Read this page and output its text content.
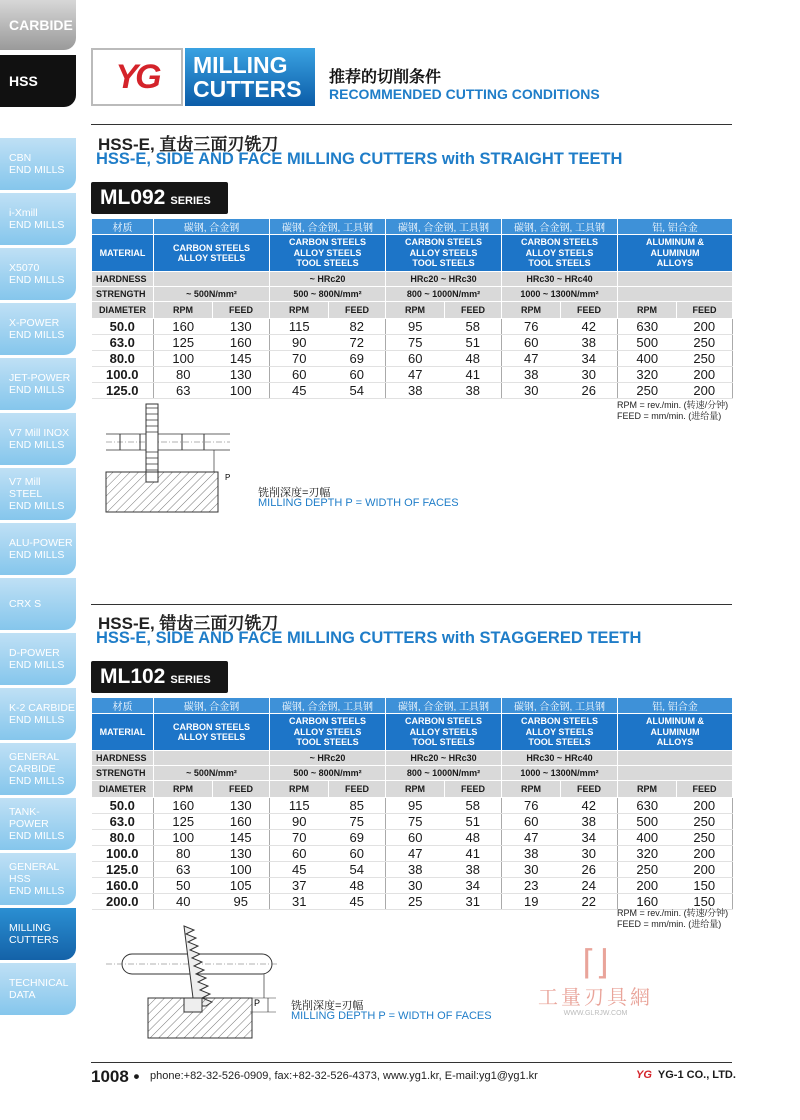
CARBIDE
HSS
CBN
END MILLS
i-Xmill
END MILLS
X5070
END MILLS
X-POWER
END MILLS
JET-POWER
END MILLS
V7 Mill INOX
END MILLS
V7 Mill STEEL
END MILLS
ALU-POWER
END MILLS
CRX S
D-POWER
END MILLS
K-2 CARBIDE
END MILLS
GENERAL
CARBIDE
END MILLS
TANK-POWER
END MILLS
GENERAL
HSS
END MILLS
MILLING
CUTTERS
TECHNICAL
DATA
YG	MILLING
CUTTERS	推荐的切削条件
RECOMMENDED CUTTING CONDITIONS
HSS-E, 直齿三面刃铣刀
HSS-E, SIDE AND FACE MILLING CUTTERS with STRAIGHT TEETH
ML092 SERIES
材质	碳钢, 合金钢		碳钢, 合金钢, 工具钢		碳钢, 合金钢, 工具钢		碳钢, 合金钢, 工具钢		铝, 铝合金	
MATERIAL	CARBON STEELS
ALLOY STEELS		CARBON STEELS
ALLOY STEELS
TOOL STEELS		CARBON STEELS
ALLOY STEELS
TOOL STEELS		CARBON STEELS
ALLOY STEELS
TOOL STEELS		ALUMINUM &
ALUMINUM
ALLOYS	
HARDNESS			~ HRc20		HRc20 ~ HRc30		HRc30 ~ HRc40			
STRENGTH	~ 500N/mm²		500 ~ 800N/mm²		800 ~ 1000N/mm²		1000 ~ 1300N/mm²			
DIAMETER	RPM	FEED	RPM	FEED	RPM	FEED	RPM	FEED	RPM	FEED
50.0	160	130	115	82	95	58	76	42	630	200
63.0	125	160	90	72	75	51	60	38	500	250
80.0	100	145	70	69	60	48	47	34	400	250
100.0	80	130	60	60	47	41	38	30	320	200
125.0	63	100	45	54	38	38	30	26	250	200
RPM = rev./min. (转速/分钟)
FEED = mm/min. (进给量)
P
铣削深度=刃幅
MILLING DEPTH P = WIDTH OF FACES
HSS-E, 错齿三面刃铣刀
HSS-E, SIDE AND FACE MILLING CUTTERS with STAGGERED TEETH
ML102 SERIES
材质	碳钢, 合金钢		碳钢, 合金钢, 工具钢		碳钢, 合金钢, 工具钢		碳钢, 合金钢, 工具钢		铝, 铝合金	
MATERIAL	CARBON STEELS
ALLOY STEELS		CARBON STEELS
ALLOY STEELS
TOOL STEELS		CARBON STEELS
ALLOY STEELS
TOOL STEELS		CARBON STEELS
ALLOY STEELS
TOOL STEELS		ALUMINUM &
ALUMINUM
ALLOYS	
HARDNESS			~ HRc20		HRc20 ~ HRc30		HRc30 ~ HRc40			
STRENGTH	~ 500N/mm²		500 ~ 800N/mm²		800 ~ 1000N/mm²		1000 ~ 1300N/mm²			
DIAMETER	RPM	FEED	RPM	FEED	RPM	FEED	RPM	FEED	RPM	FEED
50.0	160	130	115	85	95	58	76	42	630	200
63.0	125	160	90	75	75	51	60	38	500	250
80.0	100	145	70	69	60	48	47	34	400	250
100.0	80	130	60	60	47	41	38	30	320	200
125.0	63	100	45	54	38	38	30	26	250	200
160.0	50	105	37	48	30	34	23	24	200	150
200.0	40	95	31	45	25	31	19	22	160	150
RPM = rev./min. (转速/分钟)
FEED = mm/min. (进给量)
P	铣削深度=刃幅
MILLING DEPTH P = WIDTH OF FACES
⌈⌋
工量刃具網
WWW.GLRJW.COM
1008 • phone:+82-32-526-0909, fax:+82-32-526-4373, www.yg1.kr, E-mail:yg1@yg1.kr	YG YG-1 CO., LTD.
